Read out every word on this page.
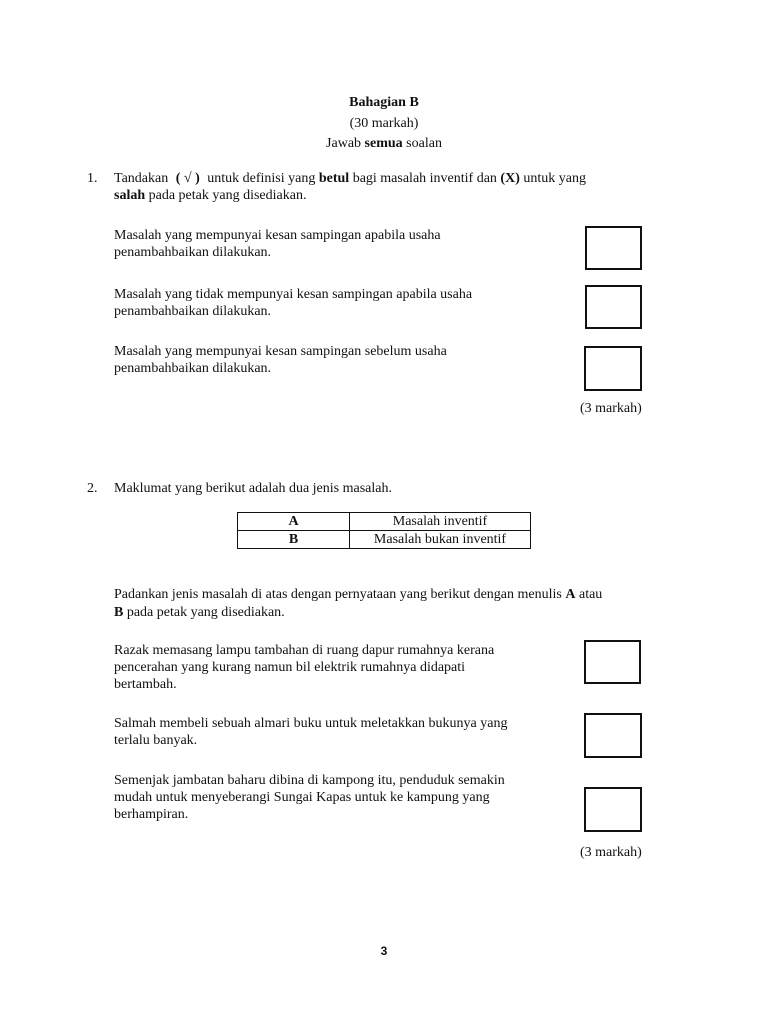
Bahagian B
(30 markah)
Jawab semua soalan
1. Tandakan ( √ ) untuk definisi yang betul bagi masalah inventif dan (X) untuk yang
salah pada petak yang disediakan.
Masalah yang mempunyai kesan sampingan apabila usaha
penambahbaikan dilakukan.
Masalah yang tidak mempunyai kesan sampingan apabila usaha
penambahbaikan dilakukan.
Masalah yang mempunyai kesan sampingan sebelum usaha
penambahbaikan dilakukan.
(3 markah)
2. Maklumat yang berikut adalah dua jenis masalah.
A	Masalah inventif
B	Masalah bukan inventif
Padankan jenis masalah di atas dengan pernyataan yang berikut dengan menulis A atau
B pada petak yang disediakan.
Razak memasang lampu tambahan di ruang dapur rumahnya kerana
pencerahan yang kurang namun bil elektrik rumahnya didapati
bertambah.
Salmah membeli sebuah almari buku untuk meletakkan bukunya yang
terlalu banyak.
Semenjak jambatan baharu dibina di kampong itu, penduduk semakin
mudah untuk menyeberangi Sungai Kapas untuk ke kampung yang
berhampiran.
(3 markah)
3
